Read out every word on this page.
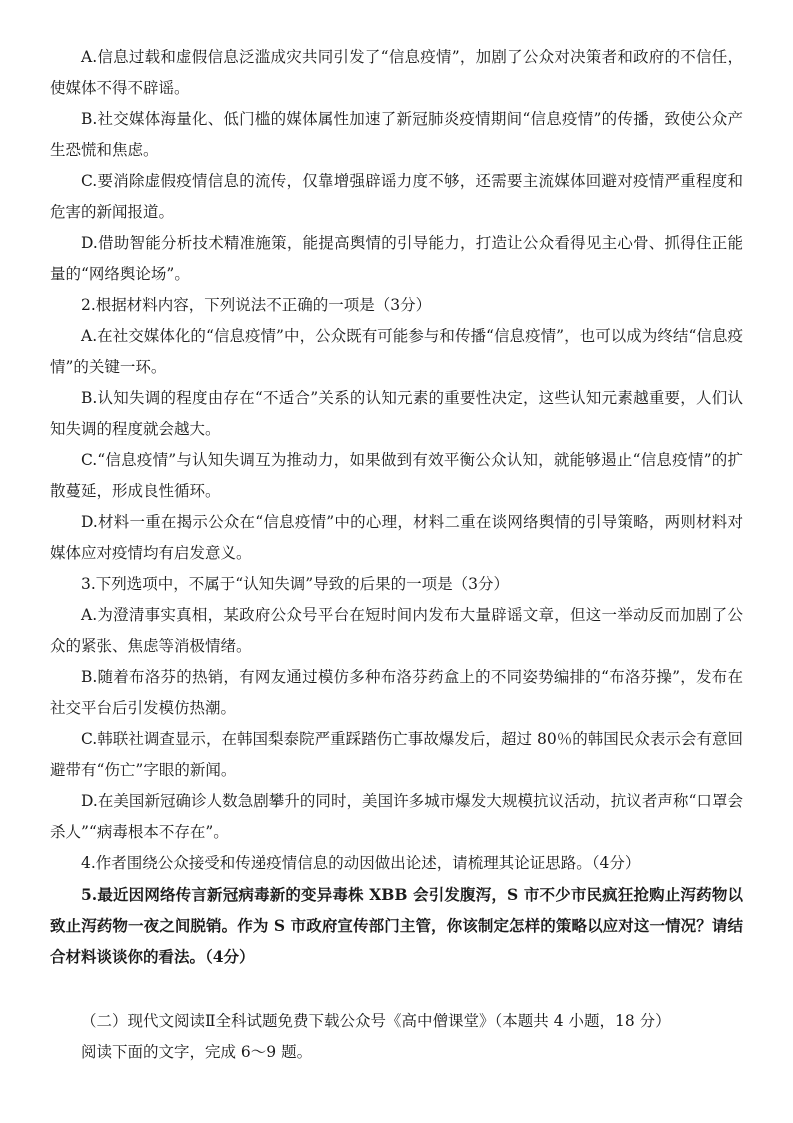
A.信息过载和虚假信息泛滥成灾共同引发了“信息疫情”，加剧了公众对决策者和政府的不信任，使媒体不得不辟谣。

B.社交媒体海量化、低门槛的媒体属性加速了新冠肺炎疫情期间“信息疫情”的传播，致使公众产生恐慌和焦虑。

C.要消除虚假疫情信息的流传，仅靠增强辟谣力度不够，还需要主流媒体回避对疫情严重程度和危害的新闻报道。

D.借助智能分析技术精准施策，能提高舆情的引导能力，打造让公众看得见主心骨、抓得住正能量的“网络舆论场”。

2.根据材料内容，下列说法不正确的一项是（3分）

A.在社交媒体化的“信息疫情”中，公众既有可能参与和传播“信息疫情”，也可以成为终结“信息疫情”的关键一环。

B.认知失调的程度由存在“不适合”关系的认知元素的重要性决定，这些认知元素越重要，人们认知失调的程度就会越大。

C.“信息疫情”与认知失调互为推动力，如果做到有效平衡公众认知，就能够遏止“信息疫情”的扩散蔓延，形成良性循环。

D.材料一重在揭示公众在“信息疫情”中的心理，材料二重在谈网络舆情的引导策略，两则材料对媒体应对疫情均有启发意义。

3.下列选项中，不属于“认知失调”导致的后果的一项是（3分）

A.为澄清事实真相，某政府公众号平台在短时间内发布大量辟谣文章，但这一举动反而加剧了公众的紧张、焦虑等消极情绪。

B.随着布洛芬的热销，有网友通过模仿多种布洛芬药盒上的不同姿势编排的“布洛芬操”，发布在社交平台后引发模仿热潮。

C.韩联社调查显示，在韩国梨泰院严重踩踏伤亡事故爆发后，超过 80％的韩国民众表示会有意回避带有“伤亡”字眼的新闻。

D.在美国新冠确诊人数急剧攀升的同时，美国许多城市爆发大规模抗议活动，抗议者声称“口罩会杀人”“病毒根本不存在”。

4.作者围绕公众接受和传递疫情信息的动因做出论述，请梳理其论证思路。（4分）

5.最近因网络传言新冠病毒新的变异毒株 XBB 会引发腹泻，S 市不少市民疯狂抢购止泻药物以致止泻药物一夜之间脱销。作为 S 市政府宣传部门主管，你该制定怎样的策略以应对这一情况？请结合材料谈谈你的看法。（4分）

（二）现代文阅读Ⅱ全科试题免费下载公众号《高中僧课堂》（本题共 4 小题，18 分）

阅读下面的文字，完成 6～9 题。
